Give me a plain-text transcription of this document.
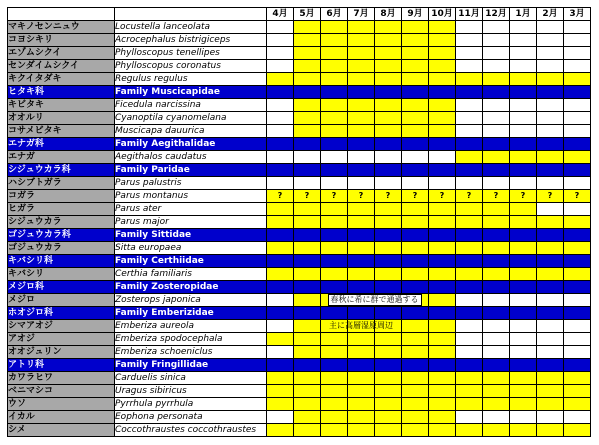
		4月	5月	6月	7月	8月	9月	10月	11月	12月	1月	2月	3月
マキノセンニュウ	Locustella lanceolata												
コヨシキリ	Acrocephalus bistrigiceps												
エゾムシクイ	Phylloscopus tenellipes												
センダイムシクイ	Phylloscopus coronatus												
キクイタダキ	Regulus regulus												
ヒタキ科	Family Muscicapidae												
キビタキ	Ficedula narcissina												
オオルリ	Cyanoptila cyanomelana												
コサメビタキ	Muscicapa dauurica												
エナガ科	Family Aegithalidae												
エナガ	Aegithalos caudatus												
シジュウカラ科	Family Paridae												
ハシブトガラ	Parus palustris												
コガラ	Parus montanus	?	?	?	?	?	?	?	?	?	?	?	?
ヒガラ	Parus ater												
シジュウカラ	Parus major												
ゴジュウカラ科	Family Sittidae												
ゴジュウカラ	Sitta europaea												
キバシリ科	Family Certhiidae												
キバシリ	Certhia familiaris												
メジロ科	Family Zosteropidae												
メジロ	Zosterops japonica												
ホオジロ科	Family Emberizidae												
シマアオジ	Emberiza aureola												
アオジ	Emberiza spodocephala												
オオジュリン	Emberiza schoeniclus												
アトリ科	Family Fringillidae												
カワラヒワ	Carduelis sinica												
ベニマシコ	Uragus sibiricus												
ウソ	Pyrrhula pyrrhula												
イカル	Eophona personata												
シメ	Coccothraustes coccothraustes												
春秋に希に群で通過する
主に高層湿原周辺
